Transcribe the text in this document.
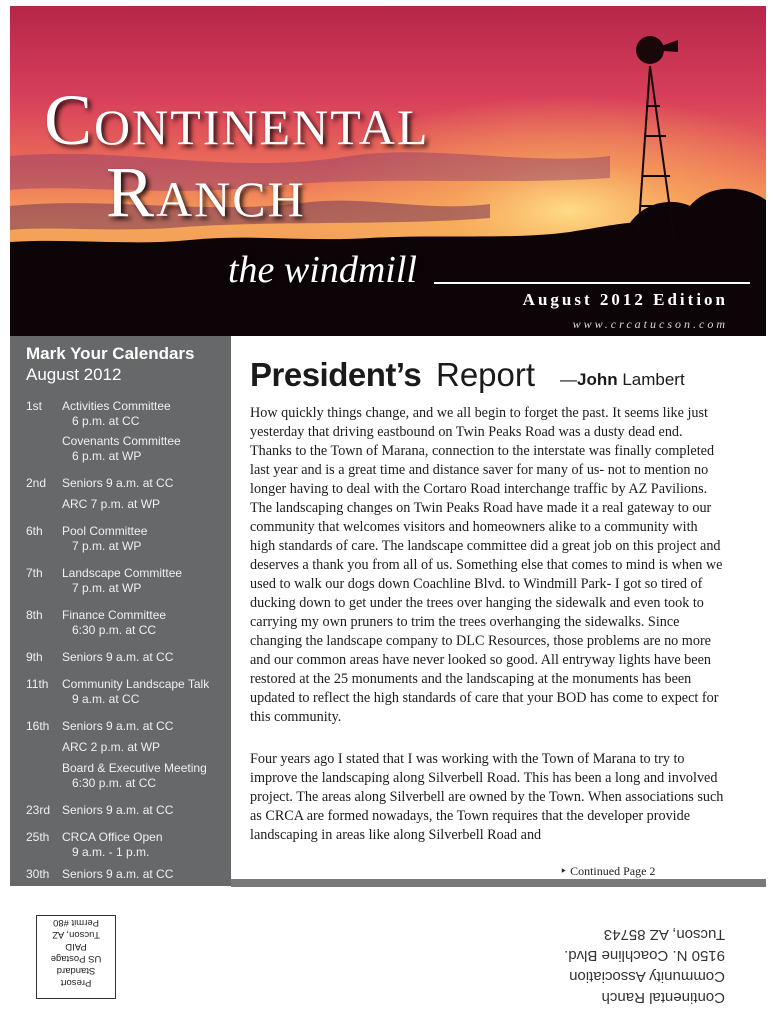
Continental
Ranch
the windmill
August 2012 Edition
www.crcatucson.com
Mark Your Calendars
August 2012
1st	Activities Committee
6 p.m. at CC
Covenants Committee
6 p.m. at WP
2nd	Seniors 9 a.m. at CC
ARC 7 p.m. at WP
6th	Pool Committee
7 p.m. at WP
7th	Landscape Committee
7 p.m. at WP
8th	Finance Committee
6:30 p.m. at CC
9th	Seniors 9 a.m. at CC
11th	Community Landscape Talk
9 a.m. at CC
16th	Seniors 9 a.m. at CC
ARC 2 p.m. at WP
Board & Executive Meeting
6:30 p.m. at CC
23rd Seniors 9 a.m. at CC
25th	CRCA Office Open
9 a.m. - 1 p.m.
30th	Seniors 9 a.m. at CC
President’s Report —John Lambert

How quickly things change, and we all begin to forget the past. It seems like just yesterday that driving eastbound on Twin Peaks Road was a dusty dead end. Thanks to the Town of Marana, connection to the interstate was finally completed last year and is a great time and distance saver for many of us- not to mention no longer having to deal with the Cortaro Road interchange traffic by AZ Pavilions. The landscaping changes on Twin Peaks Road have made it a real gateway to our community that welcomes visitors and homeowners alike to a community with high standards of care. The landscape committee did a great job on this project and deserves a thank you from all of us. Something else that comes to mind is when we used to walk our dogs down Coachline Blvd. to Windmill Park- I got so tired of ducking down to get under the trees over hanging the sidewalk and even took to carrying my own pruners to trim the trees overhanging the sidewalks. Since changing the landscape company to DLC Resources, those problems are no more and our common areas have never looked so good. All entryway lights have been restored at the 25 monuments and the landscaping at the monuments has been updated to reflect the high standards of care that your BOD has come to expect for this community.

Four years ago I stated that I was working with the Town of Marana to try to improve the landscaping along Silverbell Road. This has been a long and involved project. The areas along Silverbell are owned by the Town. When associations such as CRCA are formed nowadays, the Town requires that the developer provide landscaping in areas like along Silverbell Road and

‣ Continued Page 2
Presort
Standard
US Postage
PAID
Tucson, AZ
Permit #80
Continental Ranch
Community Association
9150 N. Coachline Blvd.
Tucson, AZ 85743
